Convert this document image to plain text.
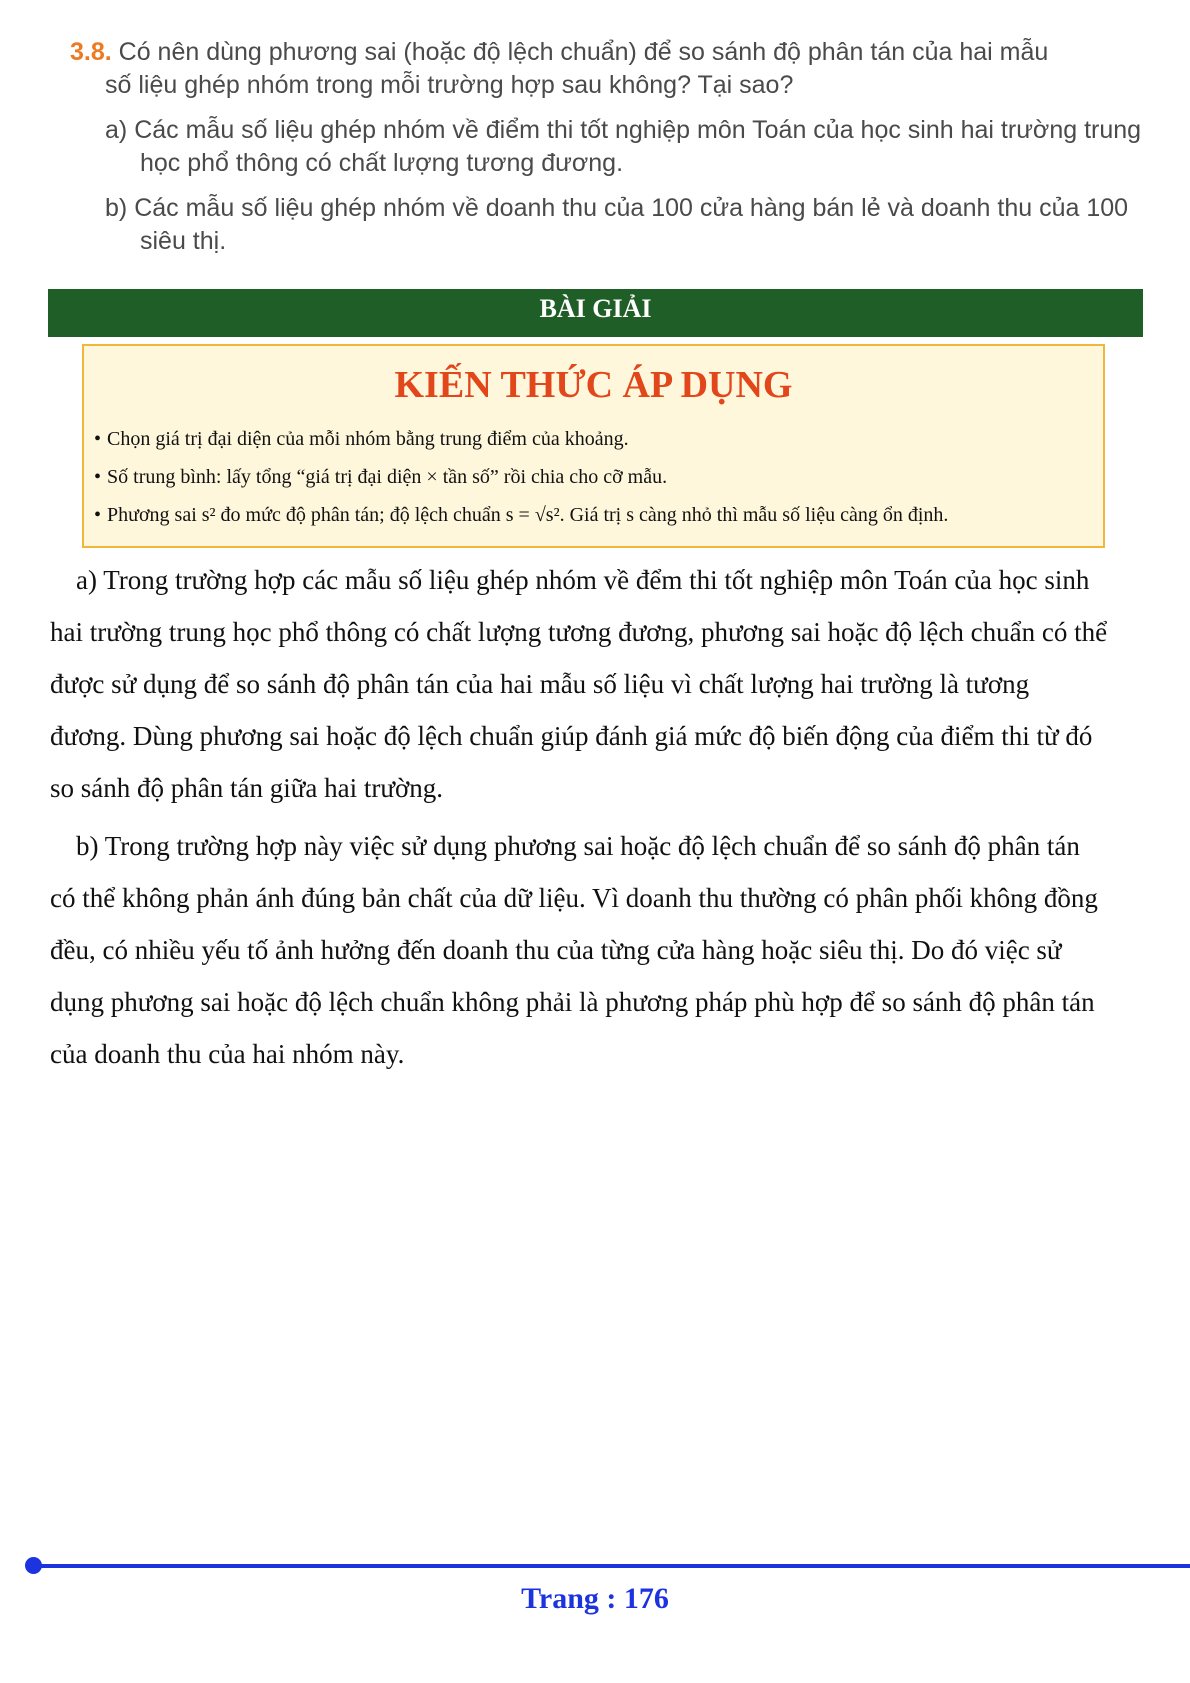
3.8. Có nên dùng phương sai (hoặc độ lệch chuẩn) để so sánh độ phân tán của hai mẫu
số liệu ghép nhóm trong mỗi trường hợp sau không? Tại sao?

a) Các mẫu số liệu ghép nhóm về điểm thi tốt nghiệp môn Toán của học sinh hai trường trung học phổ thông có chất lượng tương đương.

b) Các mẫu số liệu ghép nhóm về doanh thu của 100 cửa hàng bán lẻ và doanh thu của 100 siêu thị.

BÀI GIẢI
KIẾN THỨC ÁP DỤNG
• Chọn giá trị đại diện của mỗi nhóm bằng trung điểm của khoảng.
• Số trung bình: lấy tổng “giá trị đại diện × tần số” rồi chia cho cỡ mẫu.
• Phương sai s² đo mức độ phân tán; độ lệch chuẩn s = √s². Giá trị s càng nhỏ thì mẫu số liệu càng ổn định.

a) Trong trường hợp các mẫu số liệu ghép nhóm về đểm thi tốt nghiệp môn Toán của học sinh hai trường trung học phổ thông có chất lượng tương đương, phương sai hoặc độ lệch chuẩn có thể được sử dụng để so sánh độ phân tán của hai mẫu số liệu vì chất lượng hai trường là tương đương. Dùng phương sai hoặc độ lệch chuẩn giúp đánh giá mức độ biến động của điểm thi từ đó so sánh độ phân tán giữa hai trường.

b) Trong trường hợp này việc sử dụng phương sai hoặc độ lệch chuẩn để so sánh độ phân tán có thể không phản ánh đúng bản chất của dữ liệu. Vì doanh thu thường có phân phối không đồng đều, có nhiều yếu tố ảnh hưởng đến doanh thu của từng cửa hàng hoặc siêu thị. Do đó việc sử dụng phương sai hoặc độ lệch chuẩn không phải là phương pháp phù hợp để so sánh độ phân tán của doanh thu của hai nhóm này.

Trang : 176
